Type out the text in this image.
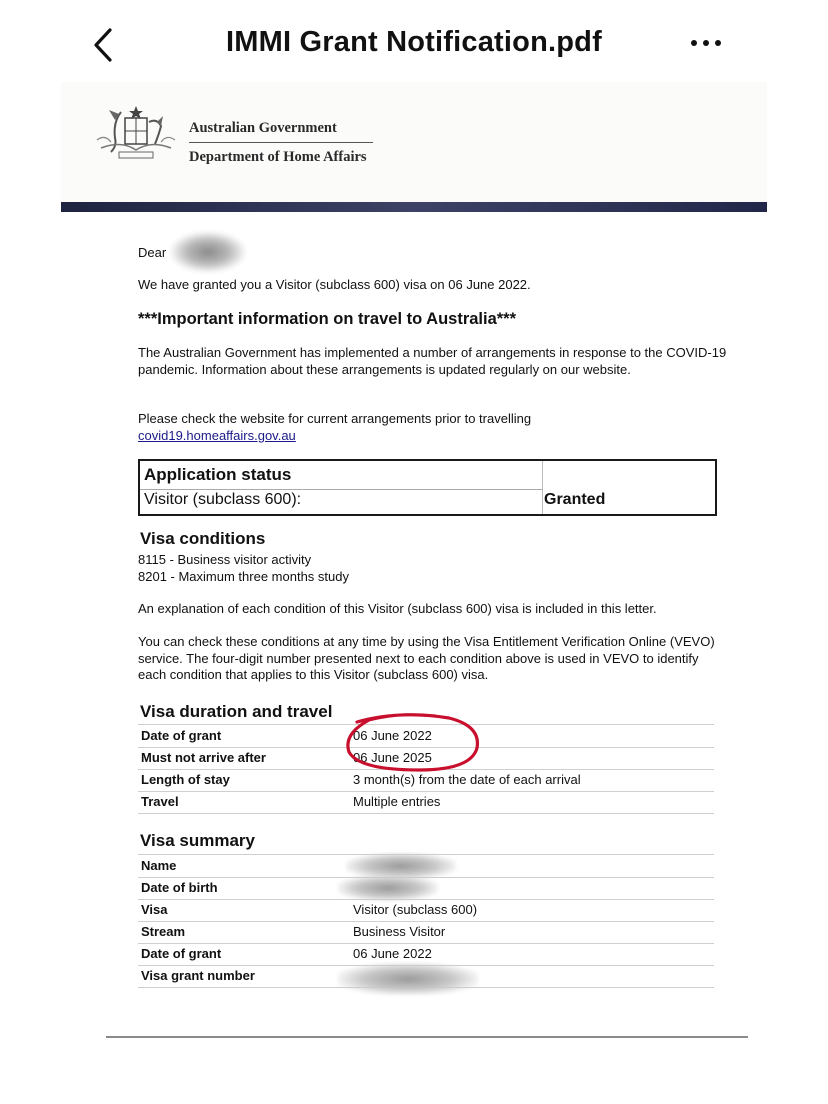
IMMI Grant Notification.pdf
Australian Government
Department of Home Affairs
Dear
We have granted you a Visitor (subclass 600) visa on 06 June 2022.
***Important information on travel to Australia***
The Australian Government has implemented a number of arrangements in response to the COVID-19 pandemic. Information about these arrangements is updated regularly on our website.
Please check the website for current arrangements prior to travelling
covid19.homeaffairs.gov.au
Application status
Visitor (subclass 600):	Granted
Visa conditions
8115 - Business visitor activity
8201 - Maximum three months study
An explanation of each condition of this Visitor (subclass 600) visa is included in this letter.
You can check these conditions at any time by using the Visa Entitlement Verification Online (VEVO) service. The four-digit number presented next to each condition above is used in VEVO to identify each condition that applies to this Visitor (subclass 600) visa.
Visa duration and travel
Date of grant	06 June 2022
Must not arrive after	06 June 2025
Length of stay	3 month(s) from the date of each arrival
Travel	Multiple entries
Visa summary
Name
Date of birth
Visa	Visitor (subclass 600)
Stream	Business Visitor
Date of grant	06 June 2022
Visa grant number
